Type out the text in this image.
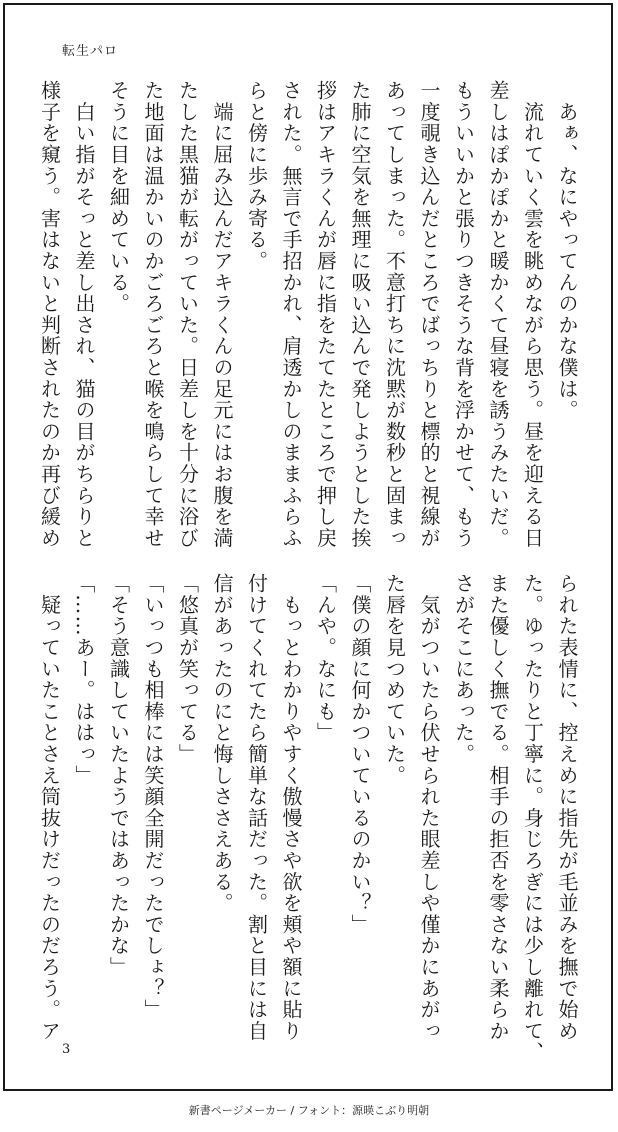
転生パロ

　あぁ、なにやってんのかな僕は。

　流れていく雲を眺めながら思う。昼を迎える日

差しはぽかぽかと暖かくて昼寝を誘うみたいだ。

もういいかと張りつきそうな背を浮かせて、もう

一度覗き込んだところでばっちりと標的と視線が

あってしまった。不意打ちに沈黙が数秒と固まっ

た肺に空気を無理に吸い込んで発しようとした挨

拶はアキラくんが唇に指をたてたところで押し戻

された。無言で手招かれ、肩透かしのままふらふ

らと傍に歩み寄る。

　端に屈み込んだアキラくんの足元にはお腹を満

たした黒猫が転がっていた。日差しを十分に浴び

た地面は温かいのかごろごろと喉を鳴らして幸せ

そうに目を細めている。

　白い指がそっと差し出され、猫の目がちらりと

様子を窺う。害はないと判断されたのか再び緩め

られた表情に、控えめに指先が毛並みを撫で始め

た。ゆったりと丁寧に。身じろぎには少し離れて、

また優しく撫でる。相手の拒否を零さない柔らか

さがそこにあった。

　気がついたら伏せられた眼差しや僅かにあがっ

た唇を見つめていた。

「僕の顔に何かついているのかい？」

「んや。なにも」

　もっとわかりやすく傲慢さや欲を頬や額に貼り

付けてくれてたら簡単な話だった。割と目には自

信があったのにと悔しささえある。

「悠真が笑ってる」

「いっつも相棒には笑顔全開だったでしょ？」

「そう意識していたようではあったかな」

「……あー。ははっ」

　疑っていたことさえ筒抜けだったのだろう。ア

3
新書ページメーカー / フォント：源暎こぶり明朝
